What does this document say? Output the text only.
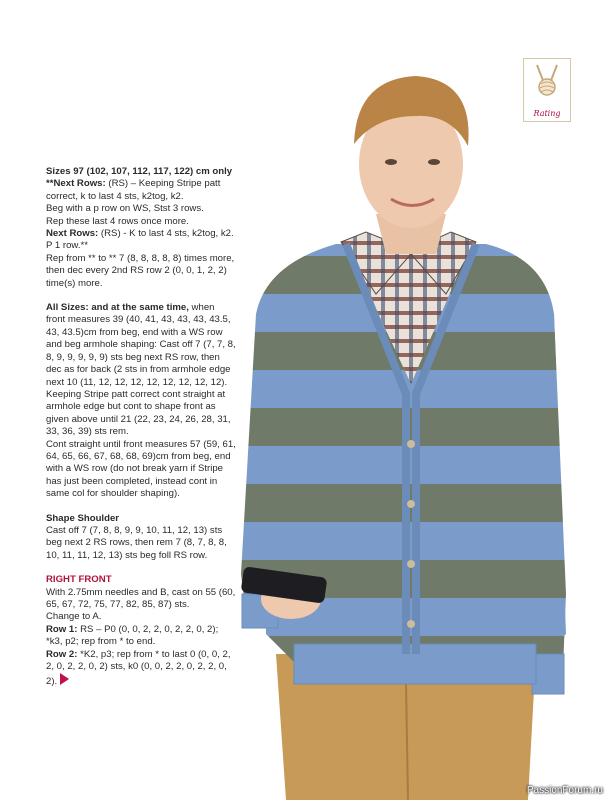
Sizes 97 (102, 107, 112, 117, 122) cm only

**Next Rows: (RS) – Keeping Stripe patt correct, k to last 4 sts, k2tog, k2.

Beg with a p row on WS, Stst 3 rows.

Rep these last 4 rows once more.

Next Rows: (RS) - K to last 4 sts, k2tog, k2.

P 1 row.**

Rep from ** to ** 7 (8, 8, 8, 8, 8) times more, then dec every 2nd RS row 2 (0, 0, 1, 2, 2) time(s) more.

All Sizes: and at the same time, when front measures 39 (40, 41, 43, 43, 43, 43.5, 43, 43.5)cm from beg, end with a WS row and beg armhole shaping: Cast off 7 (7, 7, 8, 8, 9, 9, 9, 9, 9) sts beg next RS row, then dec as for back (2 sts in from armhole edge next 10 (11, 12, 12, 12, 12, 12, 12, 12, 12).

Keeping Stripe patt correct cont straight at armhole edge but cont to shape front as given above until 21 (22, 23, 24, 26, 28, 31, 33, 36, 39) sts rem.

Cont straight until front measures 57 (59, 61, 64, 65, 66, 67, 68, 68, 69)cm from beg, end with a WS row (do not break yarn if Stripe has just been completed, instead cont in same col for shoulder shaping).

Shape Shoulder

Cast off 7 (7, 8, 8, 9, 9, 10, 11, 12, 13) sts beg next 2 RS rows, then rem 7 (8, 7, 8, 8, 10, 11, 11, 12, 13) sts beg foll RS row.

RIGHT FRONT

With 2.75mm needles and B, cast on 55 (60, 65, 67, 72, 75, 77, 82, 85, 87) sts.

Change to A.

Row 1: RS – P0 (0, 0, 2, 2, 0, 2, 2, 0, 2); *k3, p2; rep from * to end.

Row 2: *K2, p3; rep from * to last 0 (0, 0, 2, 2, 0, 2, 2, 0, 2) sts, k0 (0, 0, 2, 2, 0, 2, 2, 0, 2).

Rating
PassionForum.ru
